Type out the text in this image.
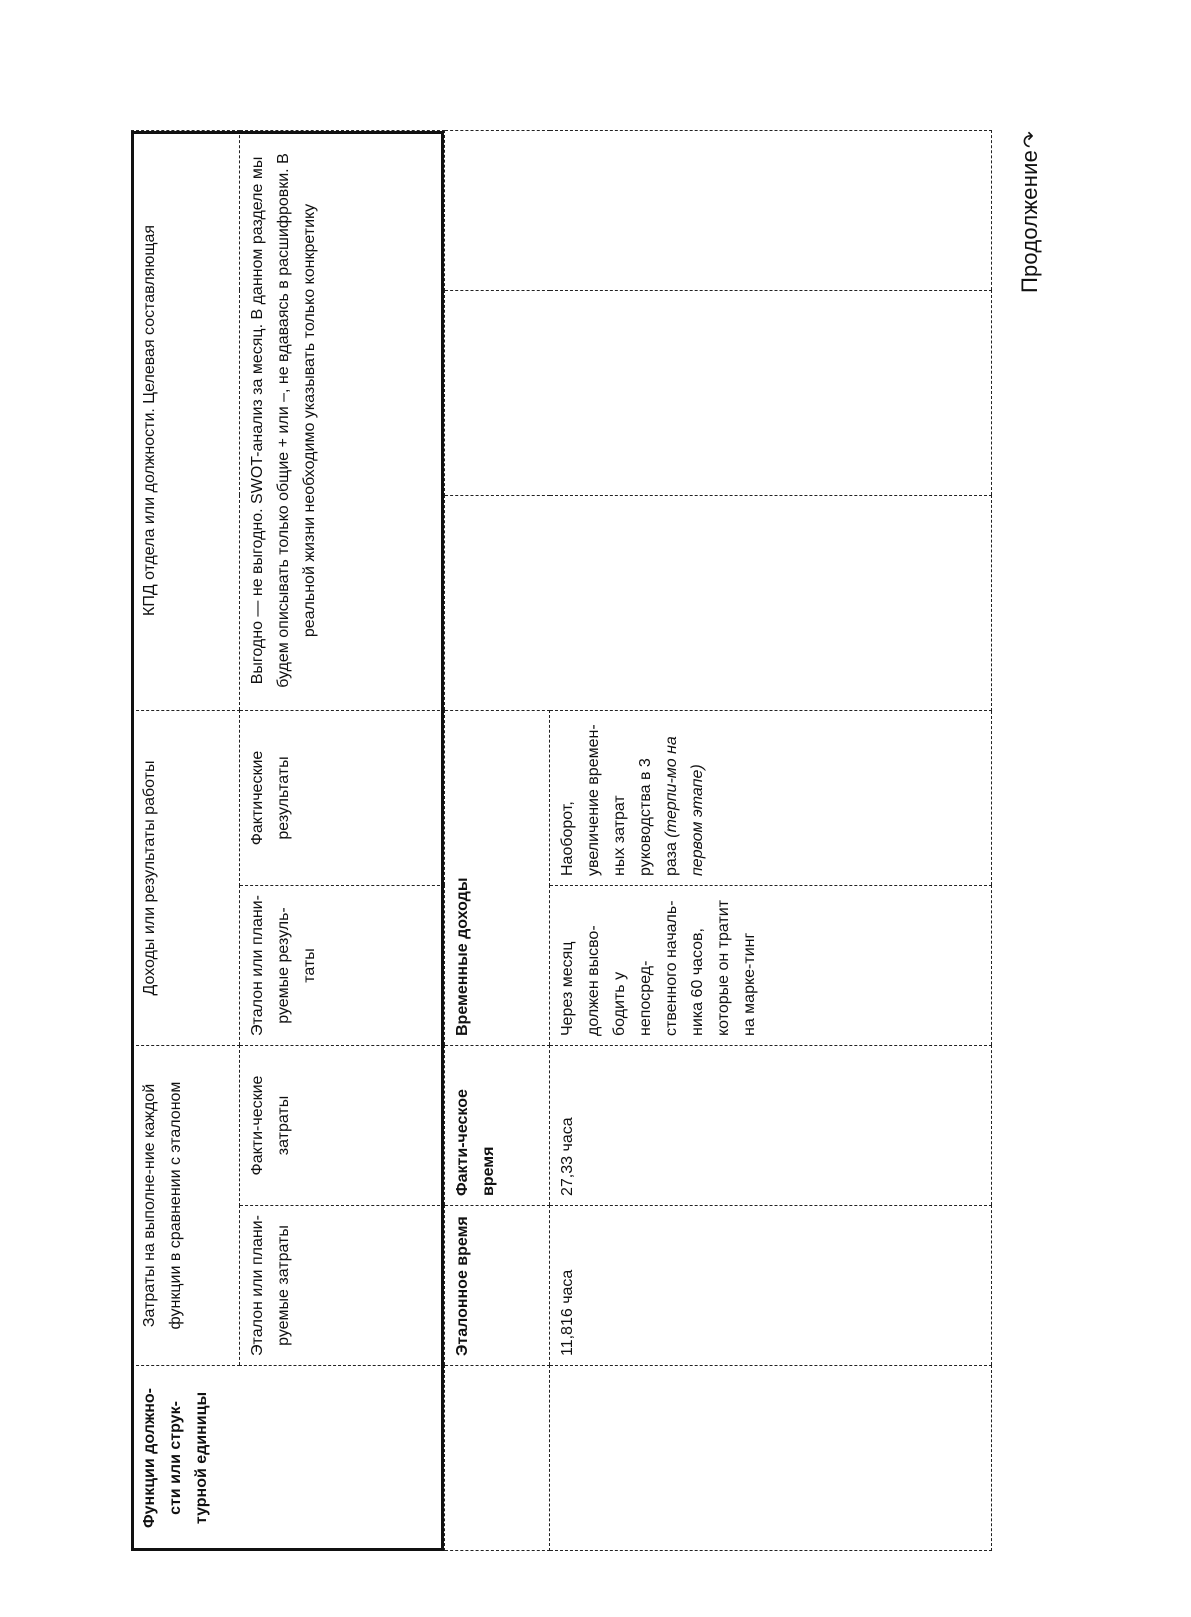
Функции должно-сти или струк-турной единицы	Затраты на выполне-ние каждой функции в сравнении с эталоном		Доходы или результаты работы		КПД отдела или должности. Целевая составляющая		
	Эталон или плани-руемые затраты	Факти-ческие затраты	Эталон или плани-руемые резуль-таты	Фактические результаты	Выгодно — не выгодно. SWOT-анализ за месяц. В данном разделе мы будем описывать только общие + или –, не вдаваясь в расшифровки. В реальной жизни необходимо указывать только конкретику		
	Эталонное время	Факти-ческое время	Временные доходы				
	11,816 часа	27,33 часа	Через месяц должен высво-бодить у непосред-ственного началь-ника 60 часов, которые он тратит на марке-тинг	Наоборот, увеличение времен-ных затрат руководства в 3 раза (терпи-мо на первом этапе)			
Продолжение↷
